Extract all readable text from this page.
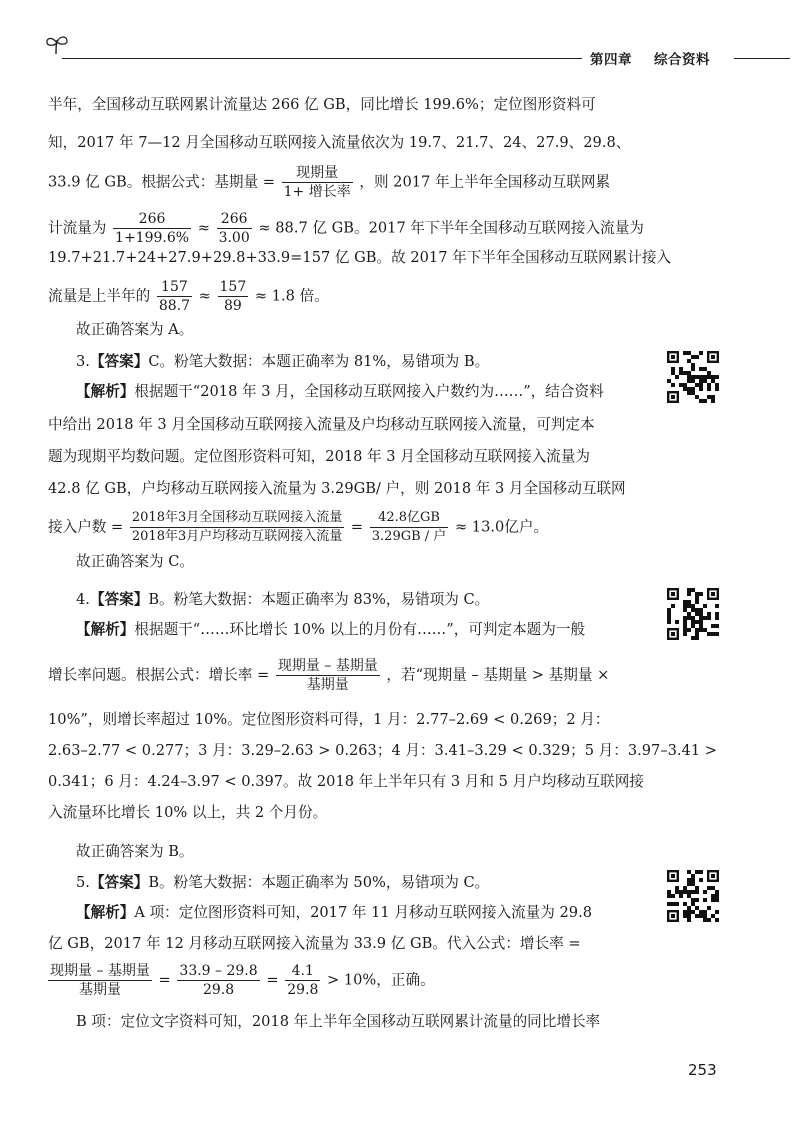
第四章 综合资料
半年，全国移动互联网累计流量达 266 亿 GB，同比增长 199.6%；定位图形资料可
知，2017 年 7—12 月全国移动互联网接入流量依次为 19.7、21.7、24、27.9、29.8、
33.9 亿 GB。根据公式：基期量 = $\frac{\text{现期量}}{\text{1+ 增长率}}$ ，则 2017 年上半年全国移动互联网累
计流量为 $\frac{266}{1+199.6\%} \approx \frac{266}{3.00} \approx 88.7$ 亿 GB。2017 年下半年全国移动互联网接入流量为
19.7+21.7+24+27.9+29.8+33.9=157 亿 GB。故 2017 年下半年全国移动互联网累计接入
流量是上半年的 $\frac{157}{88.7} \approx \frac{157}{89} \approx 1.8$ 倍。
故正确答案为 A。
3.【答案】C。粉笔大数据：本题正确率为 81%，易错项为 B。
【解析】根据题干“2018 年 3 月，全国移动互联网接入户数约为……”，结合资料
中给出 2018 年 3 月全国移动互联网接入流量及户均移动互联网接入流量，可判定本
题为现期平均数问题。定位图形资料可知，2018 年 3 月全国移动互联网接入流量为
42.8 亿 GB，户均移动互联网接入流量为 3.29GB/ 户，则 2018 年 3 月全国移动互联网
接入户数 = $\frac{\text{2018年3月全国移动互联网接入流量}}{\text{2018年3月户均移动互联网接入流量}} = \frac{\text{42.8亿GB}}{\text{3.29GB / 户}} \approx 13.0$亿户。
故正确答案为 C。
4.【答案】B。粉笔大数据：本题正确率为 83%，易错项为 C。
【解析】根据题干“……环比增长 10% 以上的月份有……”，可判定本题为一般
增长率问题。根据公式：增长率 = $\frac{\text{现期量 – 基期量}}{\text{基期量}}$ ，若“现期量 – 基期量 > 基期量 ×
10%”，则增长率超过 10%。定位图形资料可得，1 月：2.77–2.69 < 0.269；2 月：
2.63–2.77 < 0.277；3 月：3.29–2.63 > 0.263；4 月：3.41–3.29 < 0.329；5 月：3.97–3.41 >
0.341；6 月：4.24–3.97 < 0.397。故 2018 年上半年只有 3 月和 5 月户均移动互联网接
入流量环比增长 10% 以上，共 2 个月份。
故正确答案为 B。
5.【答案】B。粉笔大数据：本题正确率为 50%，易错项为 C。
【解析】A 项：定位图形资料可知，2017 年 11 月移动互联网接入流量为 29.8
亿 GB，2017 年 12 月移动互联网接入流量为 33.9 亿 GB。代入公式：增长率 =
$\frac{\text{现期量 – 基期量}}{\text{基期量}} = \frac{33.9 - 29.8}{29.8} = \frac{4.1}{29.8} > 10\%$，正确。
B 项：定位文字资料可知，2018 年上半年全国移动互联网累计流量的同比增长率
253
